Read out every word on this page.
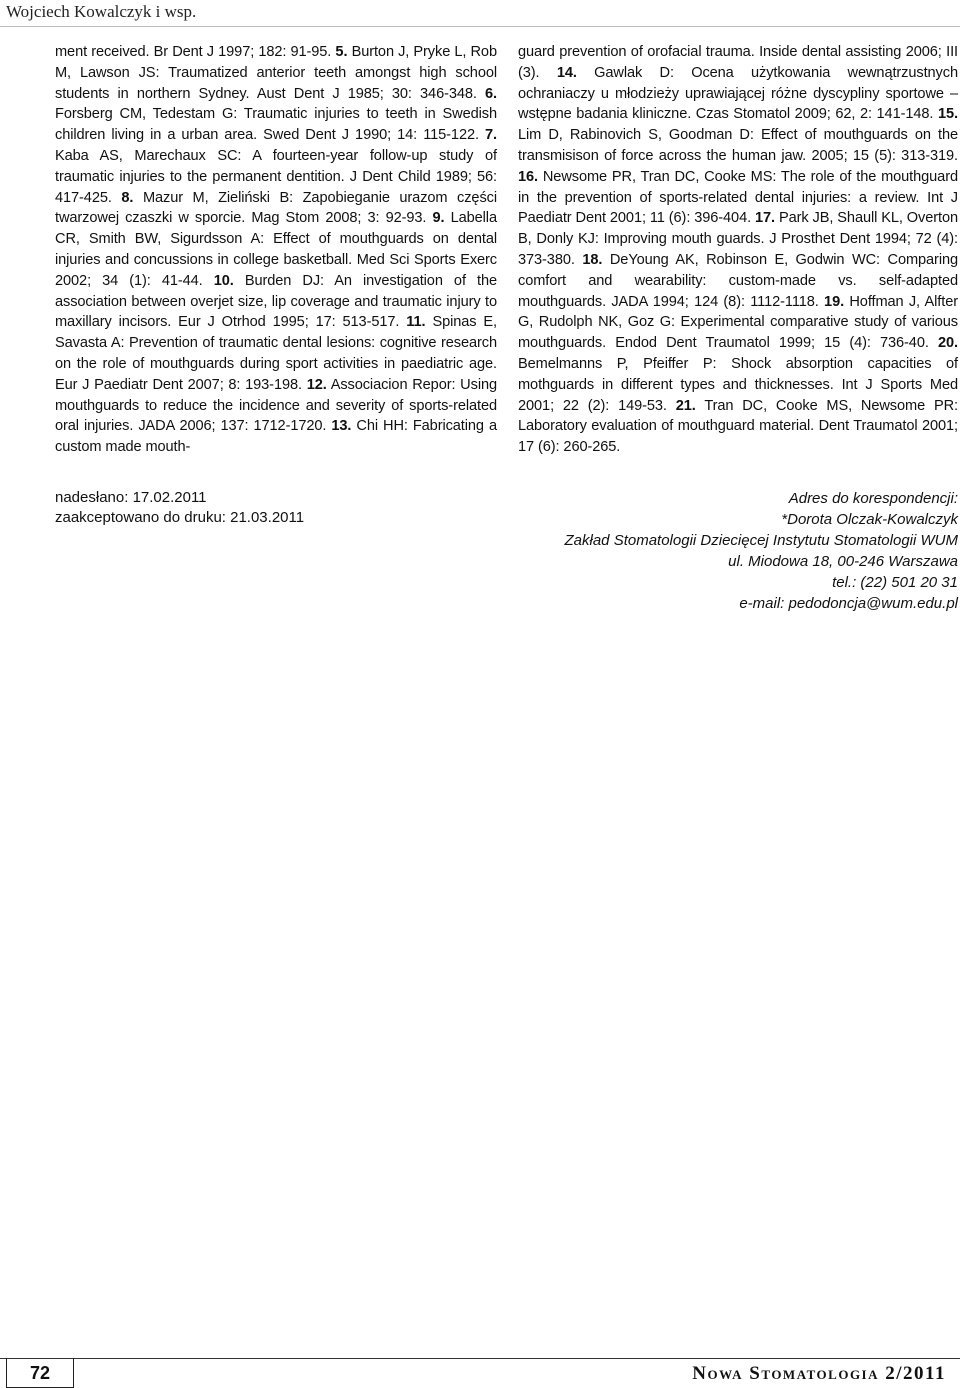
Wojciech Kowalczyk i wsp.
ment received. Br Dent J 1997; 182: 91-95. 5. Burton J, Pryke L, Rob M, Lawson JS: Traumatized anterior teeth amongst high school students in northern Sydney. Aust Dent J 1985; 30: 346-348. 6. Forsberg CM, Tedestam G: Traumatic injuries to teeth in Swedish children living in a urban area. Swed Dent J 1990; 14: 115-122. 7. Kaba AS, Marechaux SC: A fourteen-year follow-up study of traumatic injuries to the permanent dentition. J Dent Child 1989; 56: 417-425. 8. Mazur M, Zieliński B: Zapobieganie urazom części twarzowej czaszki w sporcie. Mag Stom 2008; 3: 92-93. 9. Labella CR, Smith BW, Sigurdsson A: Effect of mouthguards on dental injuries and concussions in college basketball. Med Sci Sports Exerc 2002; 34 (1): 41-44. 10. Burden DJ: An investigation of the association between overjet size, lip coverage and traumatic injury to maxillary incisors. Eur J Otrhod 1995; 17: 513-517. 11. Spinas E, Savasta A: Prevention of traumatic dental lesions: cognitive research on the role of mouthguards during sport activities in paediatric age. Eur J Paediatr Dent 2007; 8: 193-198. 12. Associacion Repor: Using mouthguards to reduce the incidence and severity of sports-related oral injuries. JADA 2006; 137: 1712-1720. 13. Chi HH: Fabricating a custom made mouth-
guard prevention of orofacial trauma. Inside dental assisting 2006; III (3). 14. Gawlak D: Ocena użytkowania wewnątrzustnych ochraniaczy u młodzieży uprawiającej różne dyscypliny sportowe – wstępne badania kliniczne. Czas Stomatol 2009; 62, 2: 141-148. 15. Lim D, Rabinovich S, Goodman D: Effect of mouthguards on the transmisison of force across the human jaw. 2005; 15 (5): 313-319. 16. Newsome PR, Tran DC, Cooke MS: The role of the mouthguard in the prevention of sports-related dental injuries: a review. Int J Paediatr Dent 2001; 11 (6): 396-404. 17. Park JB, Shaull KL, Overton B, Donly KJ: Improving mouth guards. J Prosthet Dent 1994; 72 (4): 373-380. 18. DeYoung AK, Robinson E, Godwin WC: Comparing comfort and wearability: custom-made vs. self-adapted mouthguards. JADA 1994; 124 (8): 1112-1118. 19. Hoffman J, Alfter G, Rudolph NK, Goz G: Experimental comparative study of various mouthguards. Endod Dent Traumatol 1999; 15 (4): 736-40. 20. Bemelmanns P, Pfeiffer P: Shock absorption capacities of mothguards in different types and thicknesses. Int J Sports Med 2001; 22 (2): 149-53. 21. Tran DC, Cooke MS, Newsome PR: Laboratory evaluation of mouthguard material. Dent Traumatol 2001; 17 (6): 260-265.
nadesłano: 17.02.2011
zaakceptowano do druku: 21.03.2011
Adres do korespondencji:
*Dorota Olczak-Kowalczyk
Zakład Stomatologii Dziecięcej Instytutu Stomatologii WUM
ul. Miodowa 18, 00-246 Warszawa
tel.: (22) 501 20 31
e-mail: pedodoncja@wum.edu.pl
72	Nowa Stomatologia 2/2011
